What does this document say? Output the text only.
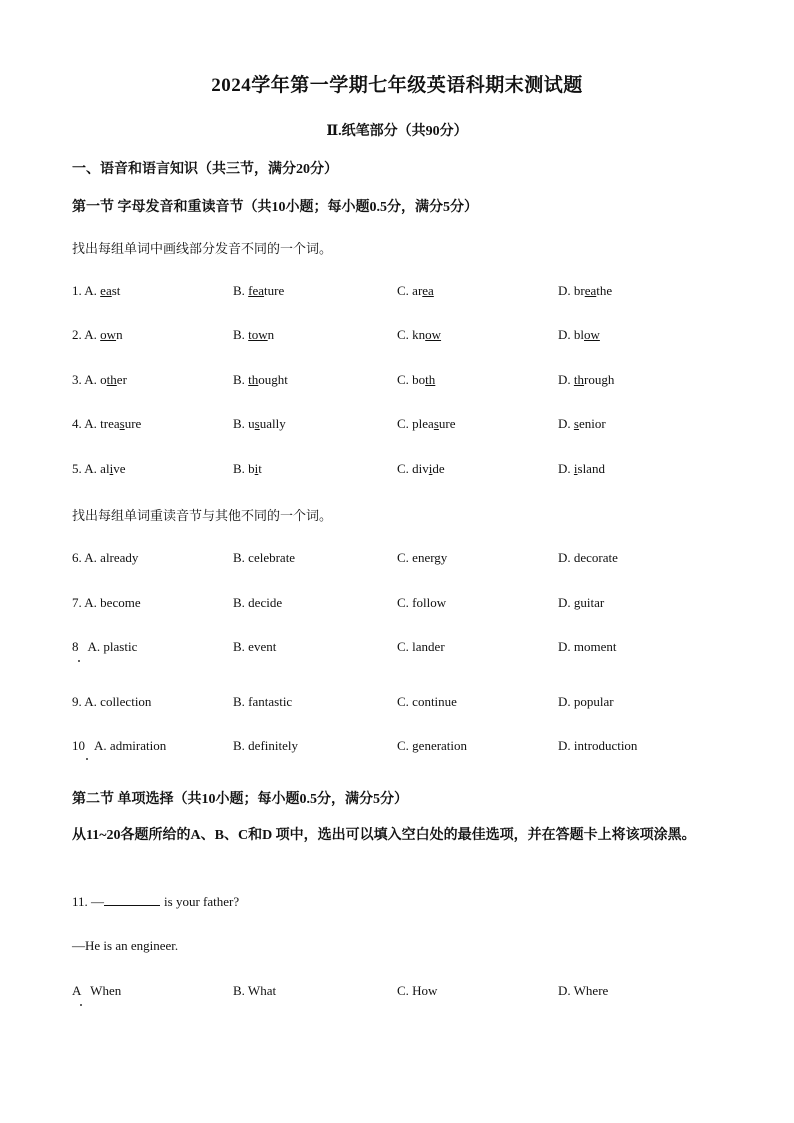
2024学年第一学期七年级英语科期末测试题
Ⅱ.纸笔部分（共90分）
一、语音和语言知识（共三节，满分20分）
第一节 字母发音和重读音节（共10小题；每小题0.5分，满分5分）
找出每组单词中画线部分发音不同的一个词。
1. A. east	B. feature	C. area	D. breathe
2. A. own	B. town	C. know	D. blow
3. A. other	B. thought	C. both	D. through
4. A. treasure	B. usually	C. pleasure	D. senior
5. A. alive	B. bit	C. divide	D. island
找出每组单词重读音节与其他不同的一个词。
6. A. already	B. celebrate	C. energy	D. decorate
7. A. become	B. decide	C. follow	D. guitar
8   A. plastic	B. event	C. lander	D. moment
9. A. collection	B. fantastic	C. continue	D. popular
10   A. admiration	B. definitely	C. generation	D. introduction
第二节 单项选择（共10小题；每小题0.5分，满分5分）
从11~20各题所给的A、B、C和D 项中，选出可以填入空白处的最佳选项，并在答题卡上将该项涂黑。
11. —	is your father?
—He is an engineer.
A   When	B. What	C. How	D. Where
